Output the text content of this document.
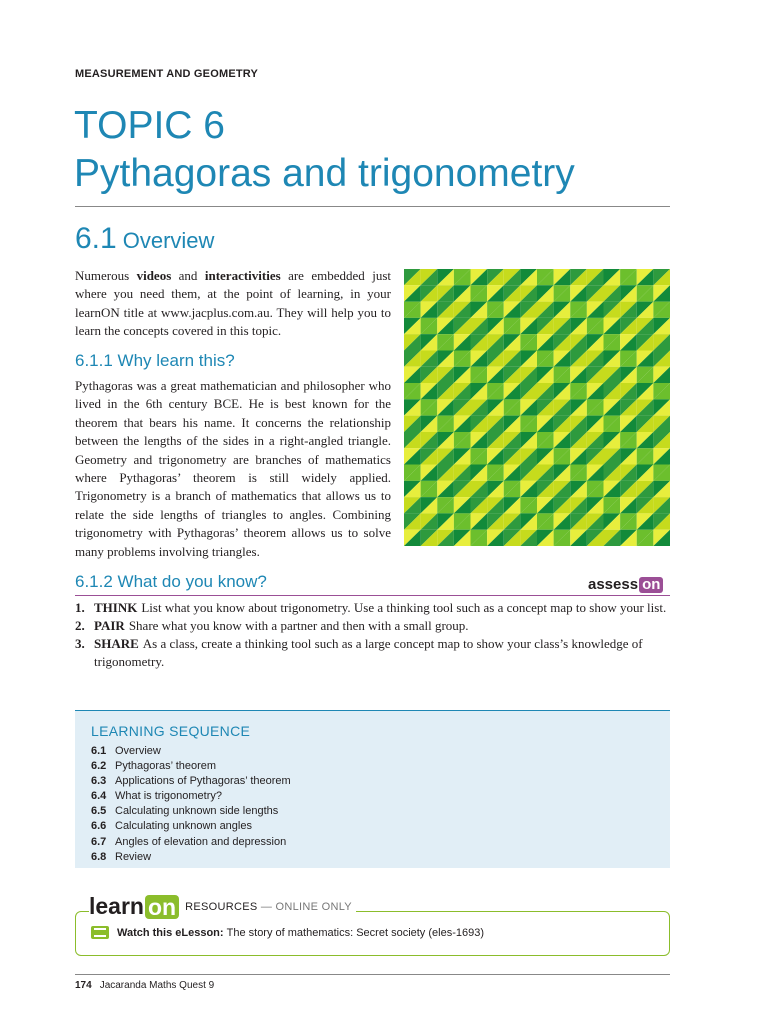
MEASUREMENT AND GEOMETRY
TOPIC 6
Pythagoras and trigonometry
6.1 Overview
Numerous videos and interactivities are embedded just where you need them, at the point of learning, in your learnON title at www.jacplus.com.au. They will help you to learn the concepts covered in this topic.
6.1.1 Why learn this?
Pythagoras was a great mathematician and philosopher who lived in the 6th century BCE. He is best known for the theorem that bears his name. It concerns the relationship between the lengths of the sides in a right-angled triangle. Geometry and trigonometry are branches of mathematics where Pythagoras’ theorem is still widely applied. Trigonometry is a branch of mathematics that allows us to relate the side lengths of triangles to angles. Combining trigonometry with Pythagoras’ theorem allows us to solve many problems involving triangles.
6.1.2 What do you know?	assess on
1. THINK List what you know about trigonometry. Use a thinking tool such as a concept map to show your list.
2. PAIR Share what you know with a partner and then with a small group.
3. SHARE As a class, create a thinking tool such as a large concept map to show your class’s knowledge of trigonometry.
LEARNING SEQUENCE
6.1 Overview
6.2 Pythagoras’ theorem
6.3 Applications of Pythagoras’ theorem
6.4 What is trigonometry?
6.5 Calculating unknown side lengths
6.6 Calculating unknown angles
6.7 Angles of elevation and depression
6.8 Review
Watch this eLesson:
The story of mathematics: Secret society (eles-1693)
learn on RESOURCES — ONLINE ONLY
174 Jacaranda Maths Quest 9
